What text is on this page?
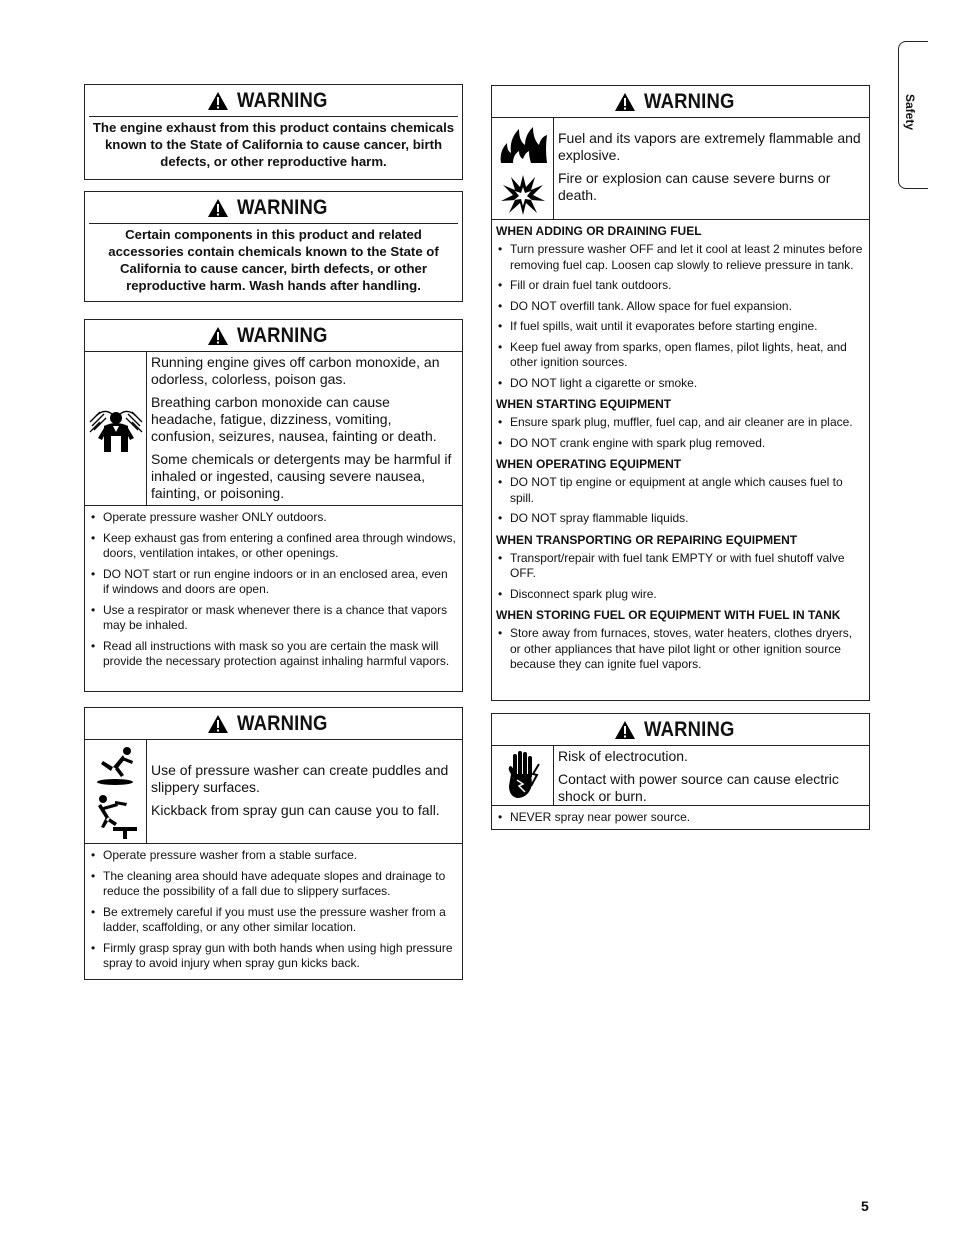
Safety
WARNING
The engine exhaust from this product contains chemicals known to the State of California to cause cancer, birth defects, or other reproductive harm.
WARNING
Certain components in this product and related accessories contain chemicals known to the State of California to cause cancer, birth defects, or other reproductive harm. Wash hands after handling.
WARNING

Running engine gives off carbon monoxide, an odorless, colorless, poison gas.

Breathing carbon monoxide can cause headache, fatigue, dizziness, vomiting, confusion, seizures, nausea, fainting or death.

Some chemicals or detergents may be harmful if inhaled or ingested, causing severe nausea, fainting, or poisoning.

• Operate pressure washer ONLY outdoors.
• Keep exhaust gas from entering a confined area through windows, doors, ventilation intakes, or other openings.
• DO NOT start or run engine indoors or in an enclosed area, even if windows and doors are open.
• Use a respirator or mask whenever there is a chance that vapors may be inhaled.
• Read all instructions with mask so you are certain the mask will provide the necessary protection against inhaling harmful vapors.
WARNING

Use of pressure washer can create puddles and slippery surfaces.

Kickback from spray gun can cause you to fall.

• Operate pressure washer from a stable surface.
• The cleaning area should have adequate slopes and drainage to reduce the possibility of a fall due to slippery surfaces.
• Be extremely careful if you must use the pressure washer from a ladder, scaffolding, or any other similar location.
• Firmly grasp spray gun with both hands when using high pressure spray to avoid injury when spray gun kicks back.
WARNING

Fuel and its vapors are extremely flammable and explosive.

Fire or explosion can cause severe burns or death.

WHEN ADDING OR DRAINING FUEL
• Turn pressure washer OFF and let it cool at least 2 minutes before removing fuel cap. Loosen cap slowly to relieve pressure in tank.
• Fill or drain fuel tank outdoors.
• DO NOT overfill tank. Allow space for fuel expansion.
• If fuel spills, wait until it evaporates before starting engine.
• Keep fuel away from sparks, open flames, pilot lights, heat, and other ignition sources.
• DO NOT light a cigarette or smoke.
WHEN STARTING EQUIPMENT
• Ensure spark plug, muffler, fuel cap, and air cleaner are in place.
• DO NOT crank engine with spark plug removed.
WHEN OPERATING EQUIPMENT
• DO NOT tip engine or equipment at angle which causes fuel to spill.
• DO NOT spray flammable liquids.
WHEN TRANSPORTING OR REPAIRING EQUIPMENT
• Transport/repair with fuel tank EMPTY or with fuel shutoff valve OFF.
• Disconnect spark plug wire.
WHEN STORING FUEL OR EQUIPMENT WITH FUEL IN TANK
• Store away from furnaces, stoves, water heaters, clothes dryers, or other appliances that have pilot light or other ignition source because they can ignite fuel vapors.
WARNING

Risk of electrocution.

Contact with power source can cause electric shock or burn.

• NEVER spray near power source.
5
